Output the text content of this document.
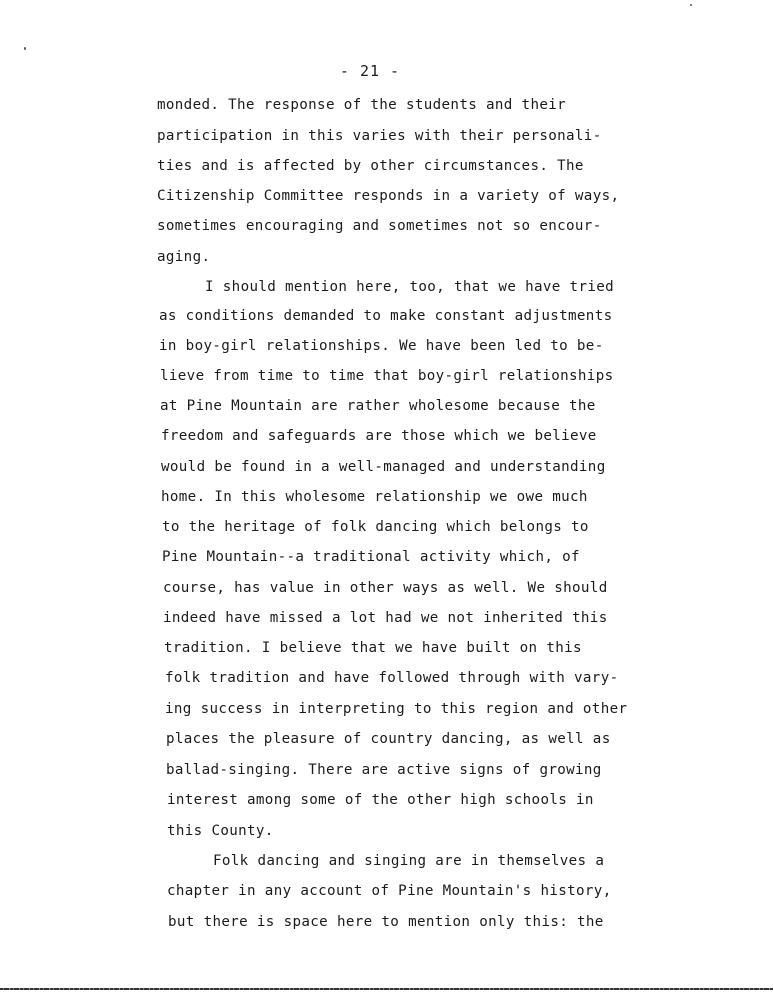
- 21 -
monded. The response of the students and their
participation in this varies with their personali-
ties and is affected by other circumstances. The
Citizenship Committee responds in a variety of ways,
sometimes encouraging and sometimes not so encour-
aging.
I should mention here, too, that we have tried
as conditions demanded to make constant adjustments
in boy-girl relationships. We have been led to be-
lieve from time to time that boy-girl relationships
at Pine Mountain are rather wholesome because the
freedom and safeguards are those which we believe
would be found in a well-managed and understanding
home. In this wholesome relationship we owe much
to the heritage of folk dancing which belongs to
Pine Mountain--a traditional activity which, of
course, has value in other ways as well. We should
indeed have missed a lot had we not inherited this
tradition. I believe that we have built on this
folk tradition and have followed through with vary-
ing success in interpreting to this region and other
places the pleasure of country dancing, as well as
ballad-singing. There are active signs of growing
interest among some of the other high schools in
this County.
Folk dancing and singing are in themselves a
chapter in any account of Pine Mountain's history,
but there is space here to mention only this: the
